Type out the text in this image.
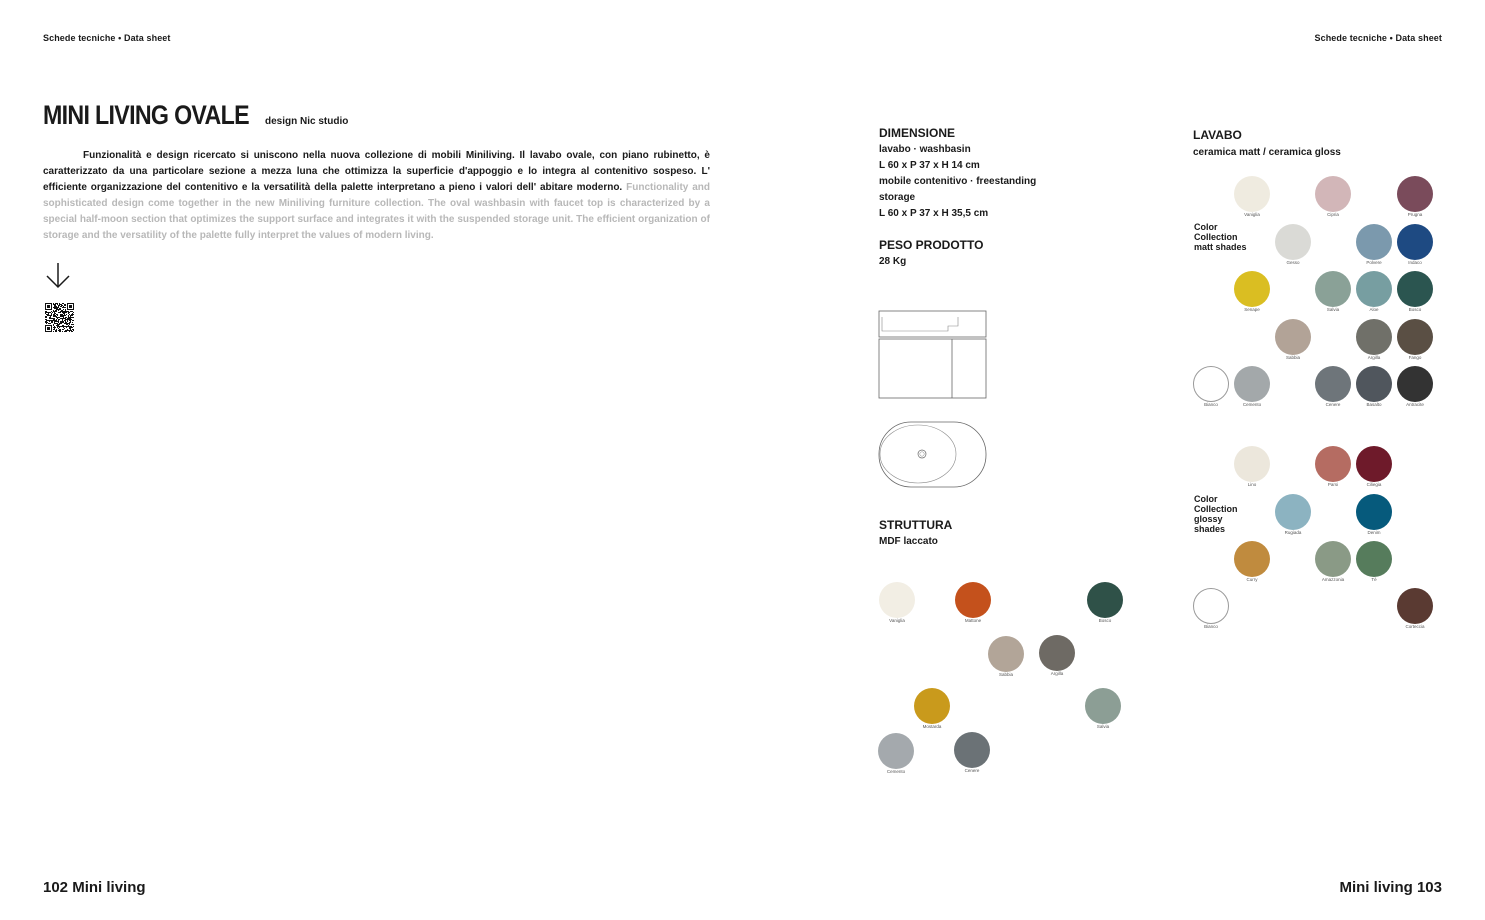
Schede tecniche • Data sheet	Schede tecniche • Data sheet
MINI LIVING OVALE design Nic studio
Funzionalità e design ricercato si uniscono nella nuova collezione di mobili Miniliving. Il lavabo ovale, con piano rubinetto, è caratterizzato da una particolare sezione a mezza luna che ottimizza la superficie d'appoggio e lo integra al contenitivo sospeso. L' efficiente organizzazione del contenitivo e la versatilità della palette interpretano a pieno i valori dell' abitare moderno. Functionality and sophisticated design come together in the new Miniliving furniture collection. The oval washbasin with faucet top is characterized by a special half-moon section that optimizes the support surface and integrates it with the suspended storage unit. The efficient organization of storage and the versatility of the palette fully interpret the values of modern living.
DIMENSIONE
lavabo · washbasin
L 60 x P 37 x H 14 cm
mobile contenitivo · freestanding
storage
L 60 x P 37 x H 35,5 cm
PESO PRODOTTO
28 Kg
STRUTTURA
MDF laccato
Vaniglia	Mattone	Bosco
Sabbia	Argilla
Mostarda	Salvia
Cemento	Cenere
LAVABO
ceramica matt / ceramica gloss
Color Collection matt shades
Vaniglia	Cipria	Prugna
Gesso	Polvere	Indaco
Senape	Salvia	Aloe	Bosco
Sabbia	Argilla	Fango
Bianco	Cemento	Cenere	Basalto	Antracite
Color Collection glossy shades
Lino	Parsi	Ciliegia
Rugiada	Denim
Curry	Amazzonia	Tè
Bianco	Corteccia
102 Mini living	Mini living 103
